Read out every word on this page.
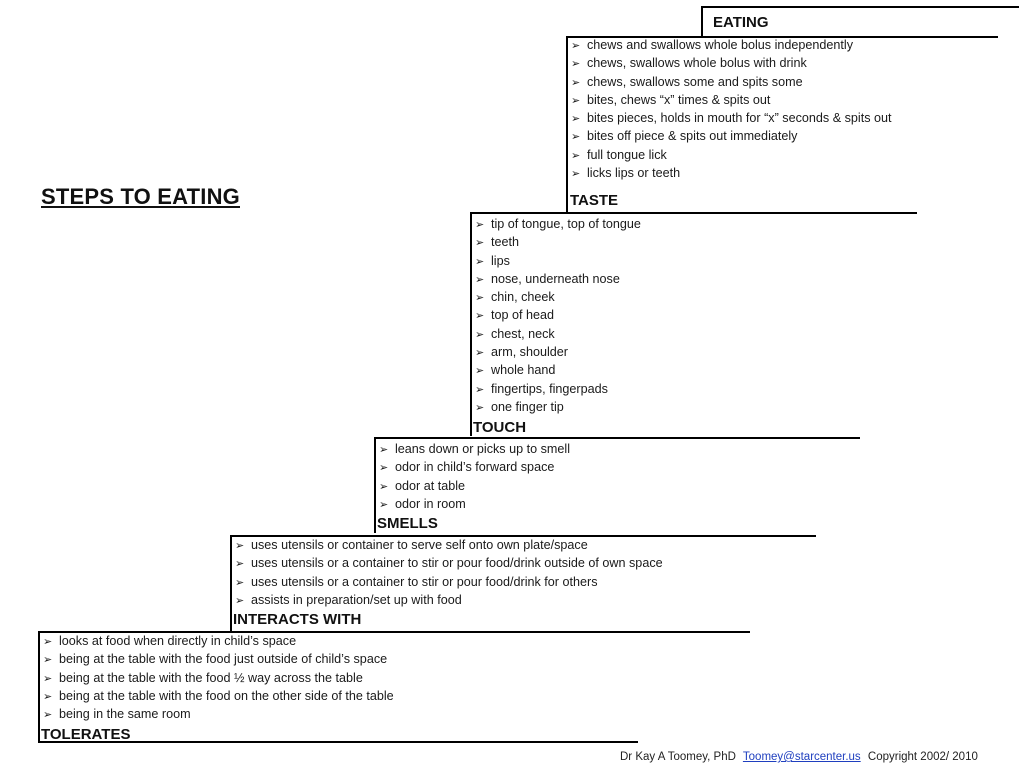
STEPS TO EATING
EATING
➢ chews and swallows whole bolus independently
➢ chews, swallows whole bolus with drink
➢ chews, swallows some and spits some
➢ bites, chews “x” times & spits out
➢ bites pieces, holds in mouth for “x” seconds & spits out
➢ bites off piece & spits out immediately
➢ full tongue lick
➢ licks lips or teeth
TASTE
➢ tip of tongue, top of tongue
➢ teeth
➢ lips
➢ nose, underneath nose
➢ chin, cheek
➢ top of head
➢ chest, neck
➢ arm, shoulder
➢ whole hand
➢ fingertips, fingerpads
➢ one finger tip
TOUCH
➢ leans down or picks up to smell
➢ odor in child’s forward space
➢ odor at table
➢ odor in room
SMELLS
➢ uses utensils or container to serve self onto own plate/space
➢ uses utensils or a container to stir or pour food/drink outside of own space
➢ uses utensils or a container to stir or pour food/drink for others
➢ assists in preparation/set up with food
INTERACTS WITH
➢ looks at food when directly in child’s space
➢ being at the table with the food just outside of child’s space
➢ being at the table with the food ½ way across the table
➢ being at the table with the food on the other side of the table
➢ being in the same room
TOLERATES
Dr Kay A Toomey, PhD Toomey@starcenter.us Copyright 2002/ 2010
